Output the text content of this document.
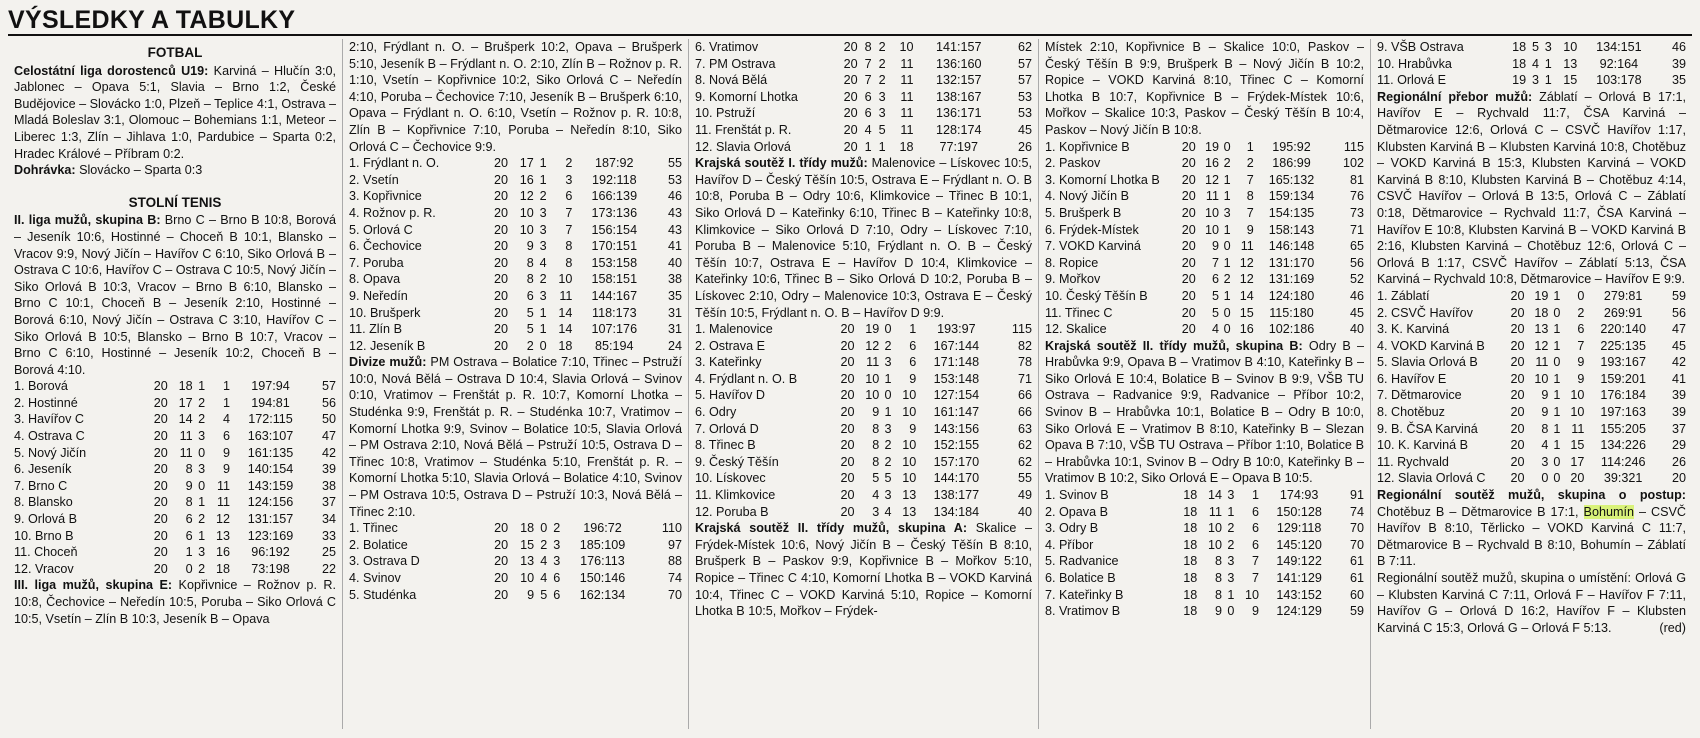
VÝSLEDKY A TABULKY
FOTBAL

Celostátní liga dorostenců U19: Karviná – Hlučín 3:0, Jablonec – Opava 5:1, Slavia – Brno 1:2, České Budějovice – Slovácko 1:0, Plzeň – Teplice 4:1, Ostrava – Mladá Boleslav 3:1, Olomouc – Bohemians 1:1, Meteor – Liberec 1:3, Zlín – Jihlava 1:0, Pardubice – Sparta 0:2, Hradec Králové – Příbram 0:2.

Dohrávka: Slovácko – Sparta 0:3

STOLNÍ TENIS

II. liga mužů, skupina B: Brno C – Brno B 10:8, Borová – Jeseník 10:6, Hostinné – Choceň B 10:1, Blansko – Vracov 9:9, Nový Jičín – Havířov C 6:10, Siko Orlová B – Ostrava C 10:6, Havířov C – Ostrava C 10:5, Nový Jičín – Siko Orlová B 10:3, Vracov – Brno B 6:10, Blansko – Brno C 10:1, Choceň B – Jeseník 2:10, Hostinné – Borová 6:10, Nový Jičín – Ostrava C 3:10, Havířov C – Siko Orlová B 10:5, Blansko – Brno B 10:7, Vracov – Brno C 6:10, Hostinné – Jeseník 10:2, Choceň B – Borová 4:10.

1. Borová	20	18	1	1	197:94	57
2. Hostinné	20	17	2	1	194:81	56
3. Havířov C	20	14	2	4	172:115	50
4. Ostrava C	20	11	3	6	163:107	47
5. Nový Jičín	20	11	0	9	161:135	42
6. Jeseník	20	8	3	9	140:154	39
7. Brno C	20	9	0	11	143:159	38
8. Blansko	20	8	1	11	124:156	37
9. Orlová B	20	6	2	12	131:157	34
10. Brno B	20	6	1	13	123:169	33
11. Choceň	20	1	3	16	96:192	25
12. Vracov	20	0	2	18	73:198	22

III. liga mužů, skupina E: Kopřivnice – Rožnov p. R. 10:8, Čechovice – Neředín 10:5, Poruba – Siko Orlová C 10:5, Vsetín – Zlín B 10:3, Jeseník B – Opava

2:10, Frýdlant n. O. – Brušperk 10:2, Opava – Brušperk 5:10, Jeseník B – Frýdlant n. O. 2:10, Zlín B – Rožnov p. R. 1:10, Vsetín – Kopřivnice 10:2, Siko Orlová C – Neředín 4:10, Poruba – Čechovice 7:10, Jeseník B – Brušperk 6:10, Opava – Frýdlant n. O. 6:10, Vsetín – Rožnov p. R. 10:8, Zlín B – Kopřivnice 7:10, Poruba – Neředín 8:10, Siko Orlová C – Čechovice 9:9.

1. Frýdlant n. O.	20	17	1	2	187:92	55
2. Vsetín	20	16	1	3	192:118	53
3. Kopřivnice	20	12	2	6	166:139	46
4. Rožnov p. R.	20	10	3	7	173:136	43
5. Orlová C	20	10	3	7	156:154	43
6. Čechovice	20	9	3	8	170:151	41
7. Poruba	20	8	4	8	153:158	40
8. Opava	20	8	2	10	158:151	38
9. Neředín	20	6	3	11	144:167	35
10. Brušperk	20	5	1	14	118:173	31
11. Zlín B	20	5	1	14	107:176	31
12. Jeseník B	20	2	0	18	85:194	24

Divize mužů: PM Ostrava – Bolatice 7:10, Třinec – Pstruží 10:0, Nová Bělá – Ostrava D 10:4, Slavia Orlová – Svinov 0:10, Vratimov – Frenštát p. R. 10:7, Komorní Lhotka – Studénka 9:9, Frenštát p. R. – Studénka 10:7, Vratimov – Komorní Lhotka 9:9, Svinov – Bolatice 10:5, Slavia Orlová – PM Ostrava 2:10, Nová Bělá – Pstruží 10:5, Ostrava D – Třinec 10:8, Vratimov – Studénka 5:10, Frenštát p. R. – Komorní Lhotka 5:10, Slavia Orlová – Bolatice 4:10, Svinov – PM Ostrava 10:5, Ostrava D – Pstruží 10:3, Nová Bělá – Třinec 2:10.

1. Třinec	20	18	0	2	196:72	110
2. Bolatice	20	15	2	3	185:109	97
3. Ostrava D	20	13	4	3	176:113	88
4. Svinov	20	10	4	6	150:146	74
5. Studénka	20	9	5	6	162:134	70
6. Vratimov	20	8	2	10	141:157	62
7. PM Ostrava	20	7	2	11	136:160	57
8. Nová Bělá	20	7	2	11	132:157	57
9. Komorní Lhotka	20	6	3	11	138:167	53
10. Pstruží	20	6	3	11	136:171	53
11. Frenštát p. R.	20	4	5	11	128:174	45
12. Slavia Orlová	20	1	1	18	77:197	26

Krajská soutěž I. třídy mužů: Malenovice – Lískovec 10:5, Havířov D – Český Těšín 10:5, Ostrava E – Frýdlant n. O. B 10:8, Poruba B – Odry 10:6, Klimkovice – Třinec B 10:1, Siko Orlová D – Kateřinky 6:10, Třinec B – Kateřinky 10:8, Klimkovice – Siko Orlová D 7:10, Odry – Lískovec 7:10, Poruba B – Malenovice 5:10, Frýdlant n. O. B – Český Těšín 10:7, Ostrava E – Havířov D 10:4, Klimkovice – Kateřinky 10:6, Třinec B – Siko Orlová D 10:2, Poruba B – Lískovec 2:10, Odry – Malenovice 10:3, Ostrava E – Český Těšín 10:5, Frýdlant n. O. B – Havířov D 9:9.

1. Malenovice	20	19	0	1	193:97	115
2. Ostrava E	20	12	2	6	167:144	82
3. Kateřinky	20	11	3	6	171:148	78
4. Frýdlant n. O. B	20	10	1	9	153:148	71
5. Havířov D	20	10	0	10	127:154	66
6. Odry	20	9	1	10	161:147	66
7. Orlová D	20	8	3	9	143:156	63
8. Třinec B	20	8	2	10	152:155	62
9. Český Těšín	20	8	2	10	157:170	62
10. Lískovec	20	5	5	10	144:170	55
11. Klimkovice	20	4	3	13	138:177	49
12. Poruba B	20	3	4	13	134:184	40

Krajská soutěž II. třídy mužů, skupina A: Skalice – Frýdek-Místek 10:6, Nový Jičín B – Český Těšín B 8:10, Brušperk B – Paskov 9:9, Kopřivnice B – Mořkov 5:10, Ropice – Třinec C 4:10, Komorní Lhotka B – VOKD Karviná 10:4, Třinec C – VOKD Karviná 5:10, Ropice – Komorní Lhotka B 10:5, Mořkov – Frýdek-

Místek 2:10, Kopřivnice B – Skalice 10:0, Paskov – Český Těšín B 9:9, Brušperk B – Nový Jičín B 10:2, Ropice – VOKD Karviná 8:10, Třinec C – Komorní Lhotka B 10:7, Kopřivnice B – Frýdek-Místek 10:6, Mořkov – Skalice 10:3, Paskov – Český Těšín B 10:4, Paskov – Nový Jičín B 10:8.

1. Kopřivnice B	20	19	0	1	195:92	115
2. Paskov	20	16	2	2	186:99	102
3. Komorní Lhotka B	20	12	1	7	165:132	81
4. Nový Jičín B	20	11	1	8	159:134	76
5. Brušperk B	20	10	3	7	154:135	73
6. Frýdek-Místek	20	10	1	9	158:143	71
7. VOKD Karviná	20	9	0	11	146:148	65
8. Ropice	20	7	1	12	131:170	56
9. Mořkov	20	6	2	12	131:169	52
10. Český Těšín B	20	5	1	14	124:180	46
11. Třinec C	20	5	0	15	115:180	45
12. Skalice	20	4	0	16	102:186	40

Krajská soutěž II. třídy mužů, skupina B: Odry B – Hrabůvka 9:9, Opava B – Vratimov B 4:10, Kateřinky B – Siko Orlová E 10:4, Bolatice B – Svinov B 9:9, VŠB TU Ostrava – Radvanice 9:9, Radvanice – Příbor 10:2, Svinov B – Hrabůvka 10:1, Bolatice B – Odry B 10:0, Siko Orlová E – Vratimov B 8:10, Kateřinky B – Slezan Opava B 7:10, VŠB TU Ostrava – Příbor 1:10, Bolatice B – Hrabůvka 10:1, Svinov B – Odry B 10:0, Kateřinky B – Vratimov B 10:2, Siko Orlová E – Opava B 10:5.

1. Svinov B	18	14	3	1	174:93	91
2. Opava B	18	11	1	6	150:128	74
3. Odry B	18	10	2	6	129:118	70
4. Příbor	18	10	2	6	145:120	70
5. Radvanice	18	8	3	7	149:122	61
6. Bolatice B	18	8	3	7	141:129	61
7. Kateřinky B	18	8	1	10	143:152	60
8. Vratimov B	18	9	0	9	124:129	59
9. VŠB Ostrava	18	5	3	10	134:151	46
10. Hrabůvka	18	4	1	13	92:164	39
11. Orlová E	19	3	1	15	103:178	35

Regionální přebor mužů: Záblatí – Orlová B 17:1, Havířov E – Rychvald 11:7, ČSA Karviná – Dětmarovice 12:6, Orlová C – CSVČ Havířov 1:17, Klubsten Karviná B – Klubsten Karviná 10:8, Chotěbuz – VOKD Karviná B 15:3, Klubsten Karviná – VOKD Karviná B 8:10, Klubsten Karviná B – Chotěbuz 4:14, CSVČ Havířov – Orlová B 13:5, Orlová C – Záblatí 0:18, Dětmarovice – Rychvald 11:7, ČSA Karviná – Havířov E 10:8, Klubsten Karviná B – VOKD Karviná B 2:16, Klubsten Karviná – Chotěbuz 12:6, Orlová C – Orlová B 1:17, CSVČ Havířov – Záblatí 5:13, ČSA Karviná – Rychvald 10:8, Dětmarovice – Havířov E 9:9.

1. Záblatí	20	19	1	0	279:81	59
2. CSVČ Havířov	20	18	0	2	269:91	56
3. K. Karviná	20	13	1	6	220:140	47
4. VOKD Karviná B	20	12	1	7	225:135	45
5. Slavia Orlová B	20	11	0	9	193:167	42
6. Havířov E	20	10	1	9	159:201	41
7. Dětmarovice	20	9	1	10	176:184	39
8. Chotěbuz	20	9	1	10	197:163	39
9. B. ČSA Karviná	20	8	1	11	155:205	37
10. K. Karviná B	20	4	1	15	134:226	29
11. Rychvald	20	3	0	17	114:246	26
12. Slavia Orlová C	20	0	0	20	39:321	20

Regionální soutěž mužů, skupina o postup: Chotěbuz B – Dětmarovice B 17:1, Bohumín – CSVČ Havířov B 8:10, Těrlicko – VOKD Karviná C 11:7, Dětmarovice B – Rychvald B 8:10, Bohumín – Záblatí B 7:11.

Regionální soutěž mužů, skupina o umístění: Orlová G – Klubsten Karviná C 7:11, Orlová F – Havířov F 7:11, Havířov G – Orlová D 16:2, Havířov F – Klubsten Karviná C 15:3, Orlová G – Orlová F 5:13.	(red)
